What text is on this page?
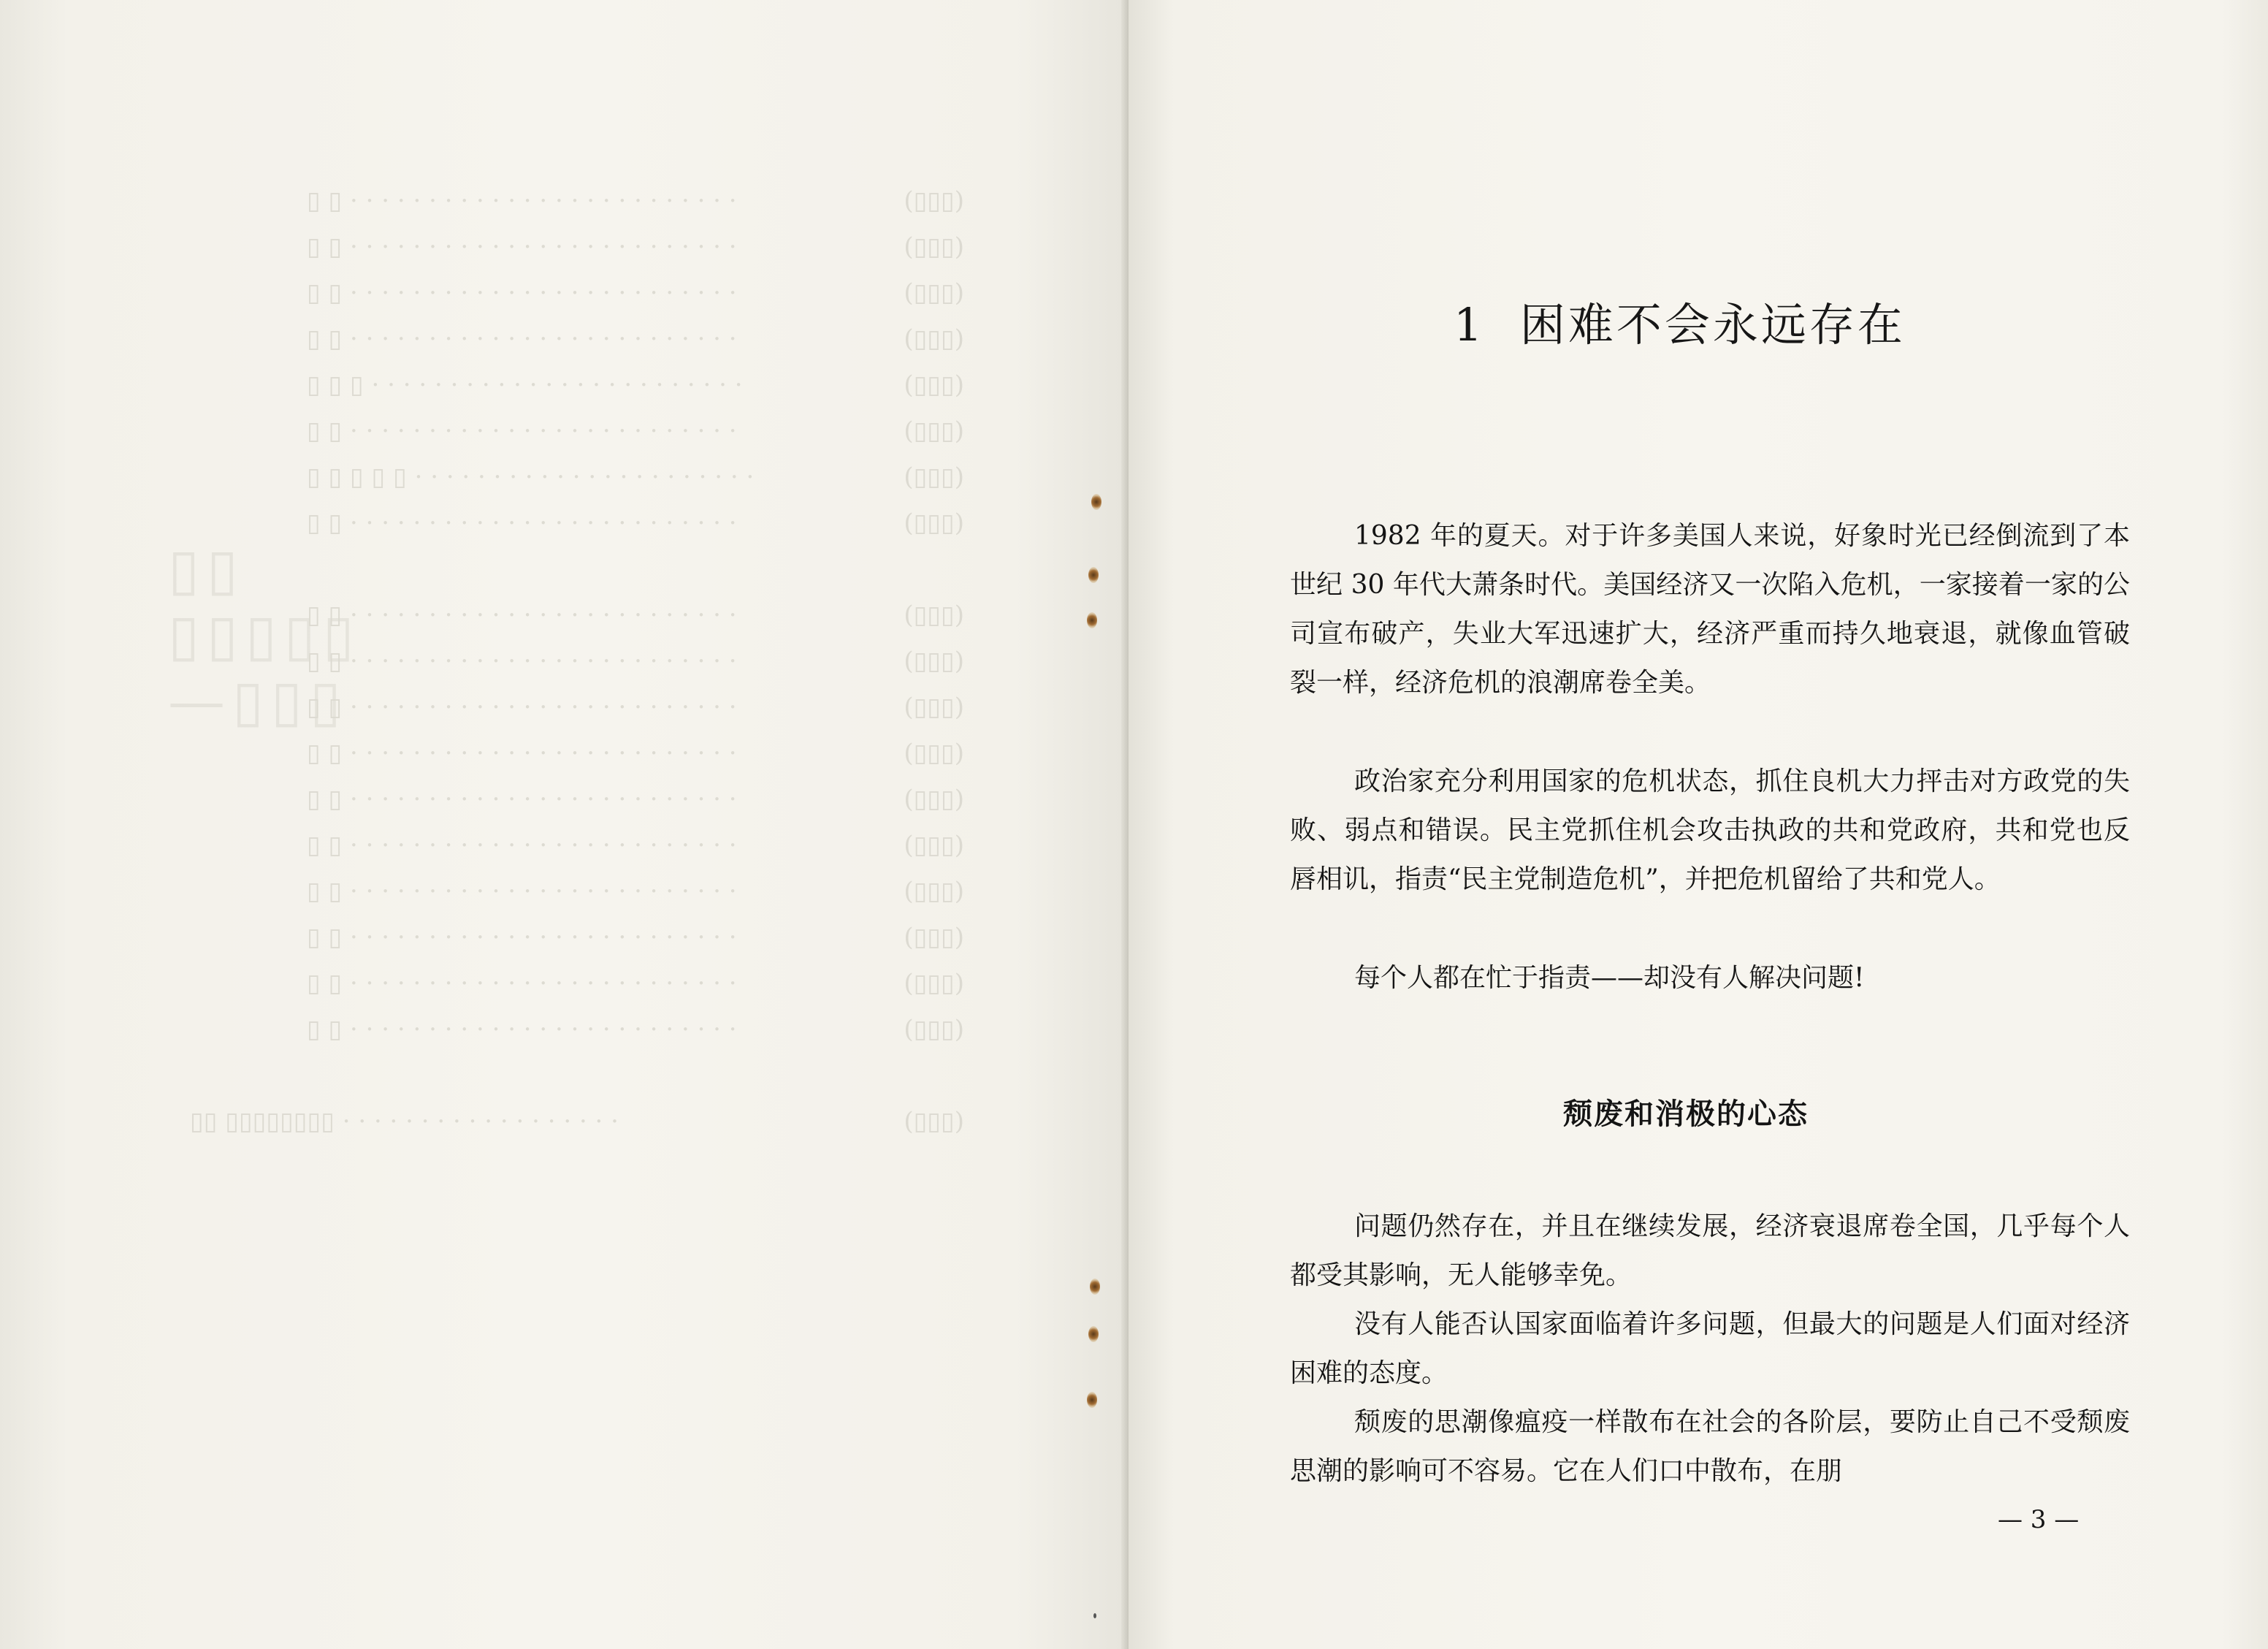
▯ ▯ · · · · · · · · · · · · · · · · · · · · · · · · ·	(▯▯▯)
▯ ▯ · · · · · · · · · · · · · · · · · · · · · · · · ·	(▯▯▯)
▯ ▯ · · · · · · · · · · · · · · · · · · · · · · · · ·	(▯▯▯)
▯ ▯ · · · · · · · · · · · · · · · · · · · · · · · · ·	(▯▯▯)
▯ ▯ ▯ · · · · · · · · · · · · · · · · · · · · · · · ·	(▯▯▯)
▯ ▯ · · · · · · · · · · · · · · · · · · · · · · · · ·	(▯▯▯)
▯ ▯ ▯ ▯ ▯ · · · · · · · · · · · · · · · · · · · · · ·	(▯▯▯)
▯ ▯ · · · · · · · · · · · · · · · · · · · · · · · · ·	(▯▯▯)
▯▯ ▯▯▯▯▯—▯▯▯
▯ ▯ · · · · · · · · · · · · · · · · · · · · · · · · ·	(▯▯▯)
▯ ▯ · · · · · · · · · · · · · · · · · · · · · · · · ·	(▯▯▯)
▯ ▯ · · · · · · · · · · · · · · · · · · · · · · · · ·	(▯▯▯)
▯ ▯ · · · · · · · · · · · · · · · · · · · · · · · · ·	(▯▯▯)
▯ ▯ · · · · · · · · · · · · · · · · · · · · · · · · ·	(▯▯▯)
▯ ▯ · · · · · · · · · · · · · · · · · · · · · · · · ·	(▯▯▯)
▯ ▯ · · · · · · · · · · · · · · · · · · · · · · · · ·	(▯▯▯)
▯ ▯ · · · · · · · · · · · · · · · · · · · · · · · · ·	(▯▯▯)
▯ ▯ · · · · · · · · · · · · · · · · · · · · · · · · ·	(▯▯▯)
▯ ▯ · · · · · · · · · · · · · · · · · · · · · · · · ·	(▯▯▯)
▯▯ ▯▯▯▯▯▯▯▯ · · · · · · · · · · · · · · · · · ·	(▯▯▯)
1 困难不会永远存在

1982 年的夏天。对于许多美国人来说，好象时光已经倒流到了本世纪 30 年代大萧条时代。美国经济又一次陷入危机，一家接着一家的公司宣布破产，失业大军迅速扩大，经济严重而持久地衰退，就像血管破裂一样，经济危机的浪潮席卷全美。

政治家充分利用国家的危机状态，抓住良机大力抨击对方政党的失败、弱点和错误。民主党抓住机会攻击执政的共和党政府，共和党也反唇相讥，指责“民主党制造危机”，并把危机留给了共和党人。

每个人都在忙于指责——却没有人解决问题!

颓废和消极的心态

问题仍然存在，并且在继续发展，经济衰退席卷全国，几乎每个人都受其影响，无人能够幸免。

没有人能否认国家面临着许多问题，但最大的问题是人们面对经济困难的态度。

颓废的思潮像瘟疫一样散布在社会的各阶层，要防止自己不受颓废思潮的影响可不容易。它在人们口中散布，在朋

— 3 —
